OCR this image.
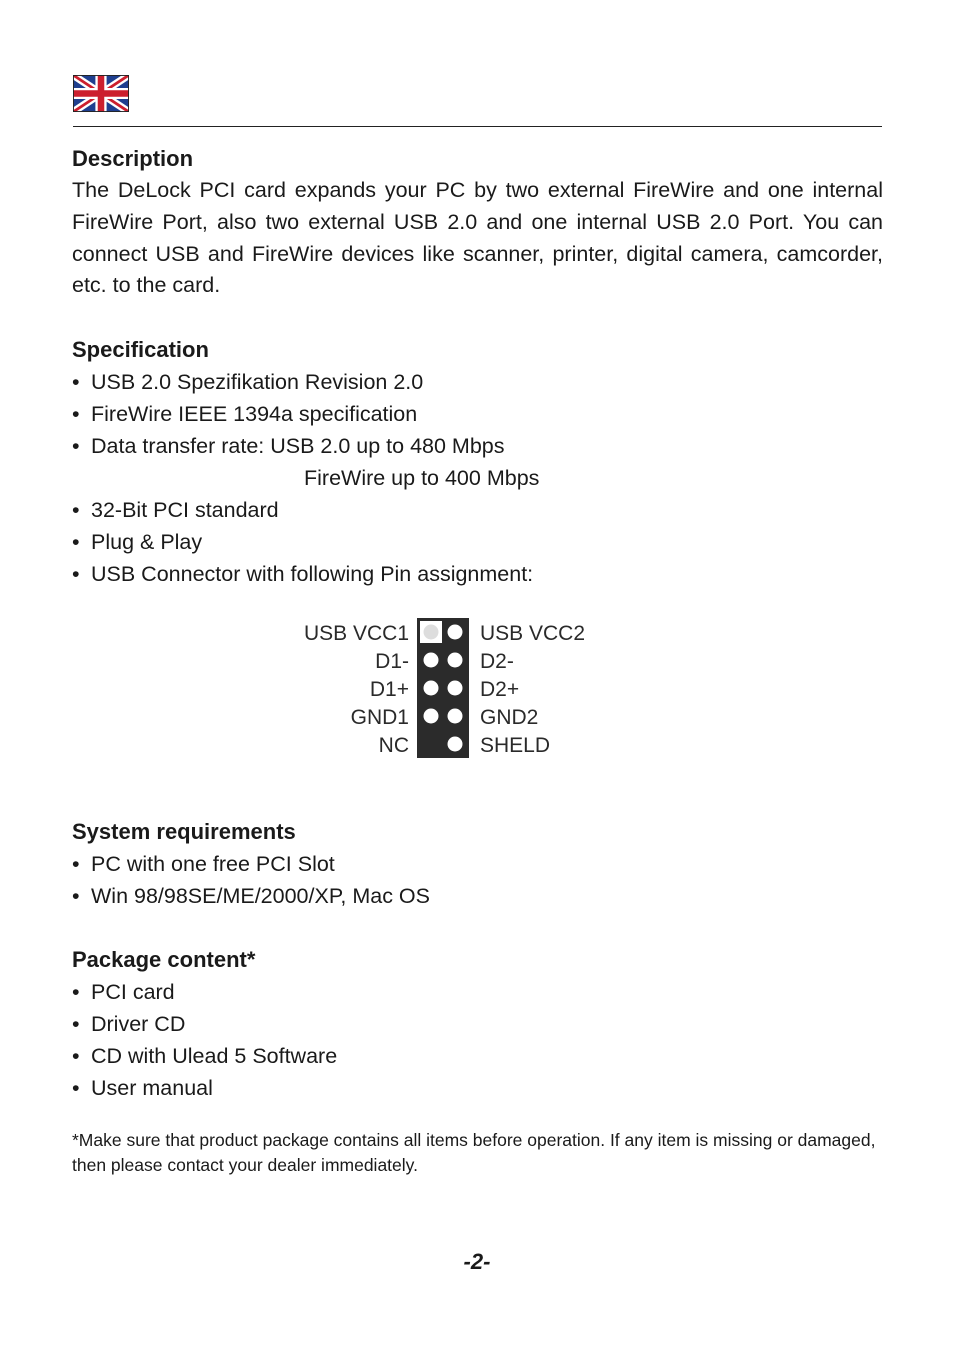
Description

The DeLock PCI card expands your PC by two external FireWire and one internal FireWire Port, also two external USB 2.0 and one internal USB 2.0 Port. You can connect USB and FireWire devices like scanner, printer, digital camera, camcorder, etc. to the card.

Specification
• USB 2.0 Spezifikation Revision 2.0
• FireWire IEEE 1394a specification
• Data transfer rate: USB 2.0 up to 480 Mbps
FireWire up to 400 Mbps
• 32-Bit PCI standard
• Plug & Play
• USB Connector with following Pin assignment:
USB VCC1
D1-
D1+
GND1
NC
USB VCC2
D2-
D2+
GND2
SHELD
System requirements
• PC with one free PCI Slot
• Win 98/98SE/ME/2000/XP, Mac OS
Package content*
• PCI card
• Driver CD
• CD with Ulead 5 Software
• User manual

*Make sure that product package contains all items before operation. If any item is missing or damaged, then please contact your dealer immediately.

-2-
